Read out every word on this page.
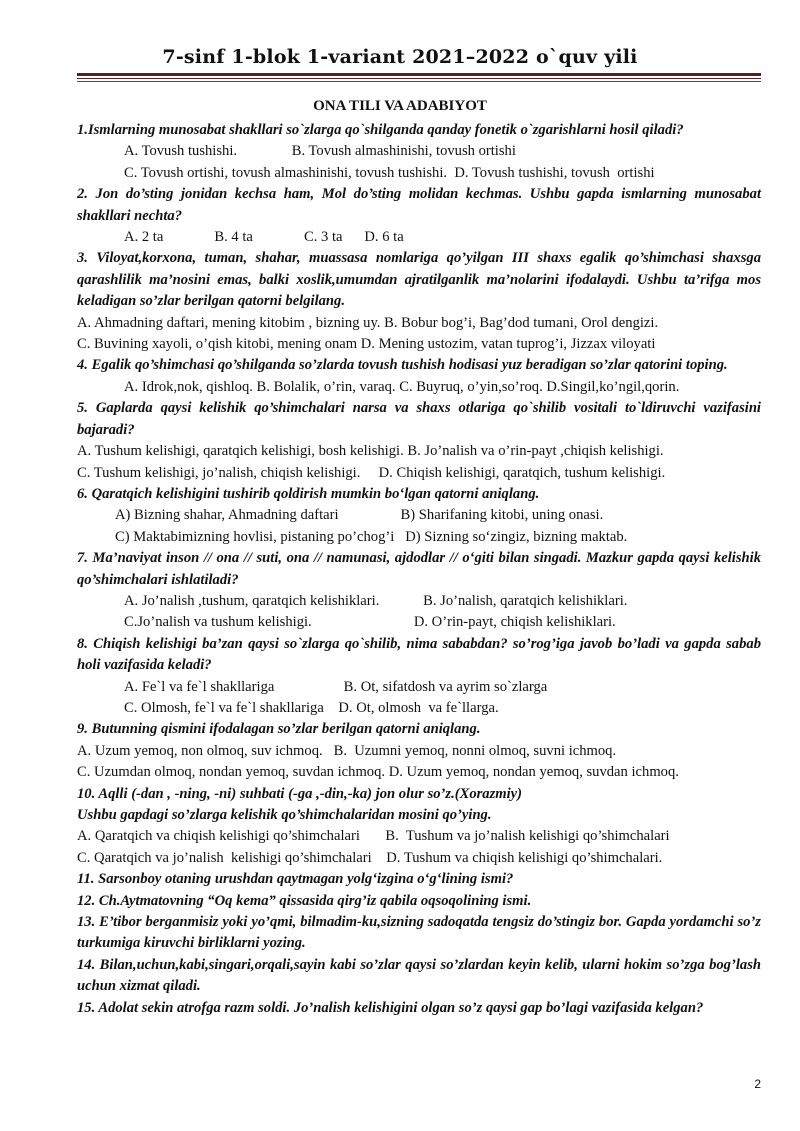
7-sinf 1-blok 1-variant 2021–2022 o`quv yili
ONA TILI VA ADABIYOT
1.Ismlarning munosabat shakllari so`zlarga qo`shilganda qanday fonetik o`zgarishlarni hosil qiladi?
A. Tovush tushishi.               B. Tovush almashinishi, tovush ortishi
C. Tovush ortishi, tovush almashinishi, tovush tushishi.  D. Tovush tushishi, tovush  ortishi
2. Jon do’sting jonidan kechsa ham, Mol do’sting molidan kechmas. Ushbu gapda ismlarning munosabat shakllari nechta?
A. 2 ta              B. 4 ta              C. 3 ta      D. 6 ta
3. Viloyat,korxona, tuman, shahar, muassasa nomlariga qo’yilgan III shaxs egalik qo’shimchasi shaxsga qarashlilik ma’nosini emas, balki xoslik,umumdan ajratilganlik ma’nolarini ifodalaydi. Ushbu ta’rifga mos keladigan so’zlar berilgan qatorni belgilang.
A. Ahmadning daftari, mening kitobim , bizning uy. B. Bobur bog’i, Bag’dod tumani, Orol dengizi.
C. Buvining xayoli, o’qish kitobi, mening onam D. Mening ustozim, vatan tuprog’i, Jizzax viloyati
4. Egalik qo’shimchasi qo’shilganda so’zlarda tovush tushish hodisasi yuz beradigan so’zlar qatorini toping.
A. Idrok,nok, qishloq. B. Bolalik, o’rin, varaq. C. Buyruq, o’yin,so’roq. D.Singil,ko’ngil,qorin.
5. Gaplarda qaysi kelishik qo’shimchalari narsa va shaxs otlariga qo`shilib vositali to`ldiruvchi vazifasini bajaradi?
A. Tushum kelishigi, qaratqich kelishigi, bosh kelishigi. B. Jo’nalish va o’rin-payt ,chiqish kelishigi.
C. Tushum kelishigi, jo’nalish, chiqish kelishigi.     D. Chiqish kelishigi, qaratqich, tushum kelishigi.
6. Qaratqich kelishigini tushirib qoldirish mumkin bo‘lgan qatorni aniqlang.
A) Bizning shahar, Ahmadning daftari                 B) Sharifaning kitobi, uning onasi.
C) Maktabimizning hovlisi, pistaning po’chog’i   D) Sizning so‘zingiz, bizning maktab.
7. Ma’naviyat inson // ona // suti, ona // namunasi, ajdodlar // o‘giti bilan singadi. Mazkur gapda qaysi kelishik qo’shimchalari ishlatiladi?
A. Jo’nalish ,tushum, qaratqich kelishiklari.            B. Jo’nalish, qaratqich kelishiklari.
C.Jo’nalish va tushum kelishigi.                            D. O’rin-payt, chiqish kelishiklari.
8. Chiqish kelishigi ba’zan qaysi so`zlarga qo`shilib, nima sababdan? so’rog’iga javob bo’ladi va gapda sabab holi vazifasida keladi?
A. Fe`l va fe`l shakllariga                   B. Ot, sifatdosh va ayrim so`zlarga
C. Olmosh, fe`l va fe`l shakllariga    D. Ot, olmosh  va fe`llarga.
9. Butunning qismini ifodalagan so’zlar berilgan qatorni aniqlang.
A. Uzum yemoq, non olmoq, suv ichmoq.   B.  Uzumni yemoq, nonni olmoq, suvni ichmoq.
C. Uzumdan olmoq, nondan yemoq, suvdan ichmoq. D. Uzum yemoq, nondan yemoq, suvdan ichmoq.
10. Aqlli (-dan , -ning, -ni) suhbati (-ga ,-din,-ka) jon olur so’z.(Xorazmiy)
Ushbu gapdagi so’zlarga kelishik qo’shimchalaridan mosini qo’ying.
A. Qaratqich va chiqish kelishigi qo’shimchalari       B.  Tushum va jo’nalish kelishigi qo’shimchalari
C. Qaratqich va jo’nalish  kelishigi qo’shimchalari    D. Tushum va chiqish kelishigi qo’shimchalari.
11. Sarsonboy otaning urushdan qaytmagan yolg‘izgina o‘g‘lining ismi?
12. Ch.Aytmatovning “Oq kema” qissasida qirg’iz qabila oqsoqolining ismi.
13. E’tibor berganmisiz yoki yo’qmi, bilmadim-ku,sizning sadoqatda tengsiz do’stingiz bor. Gapda yordamchi so’z turkumiga kiruvchi birliklarni yozing.
14. Bilan,uchun,kabi,singari,orqali,sayin kabi so’zlar qaysi so’zlardan keyin kelib, ularni hokim so’zga bog’lash uchun xizmat qiladi.
15. Adolat sekin atrofga razm soldi. Jo’nalish kelishigini olgan so’z qaysi gap bo’lagi vazifasida kelgan?
2
